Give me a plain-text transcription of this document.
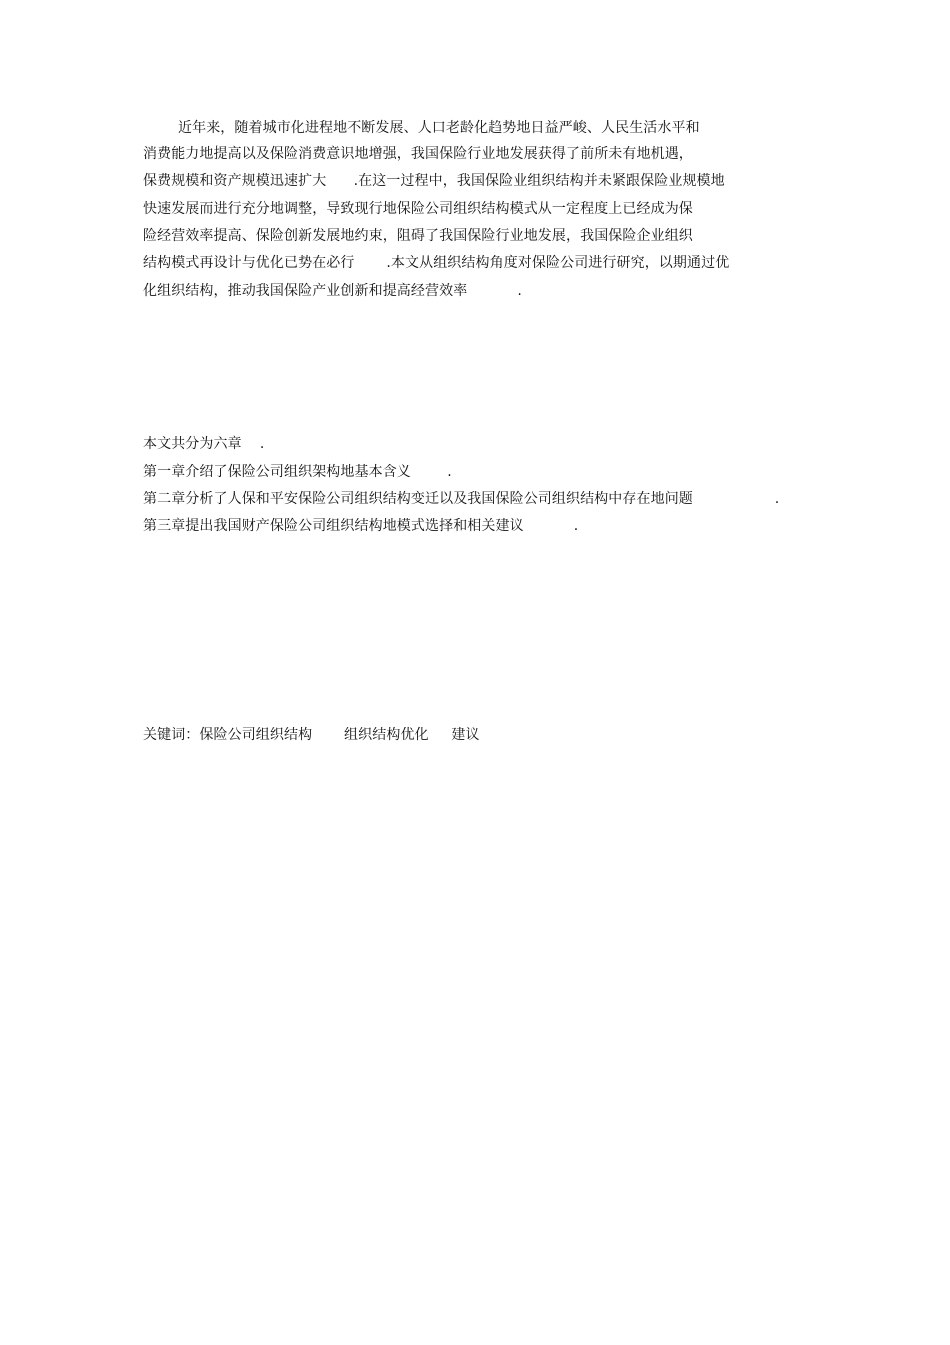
近年来，随着城市化进程地不断发展、人口老龄化趋势地日益严峻、人民生活水平和
消费能力地提高以及保险消费意识地增强，我国保险行业地发展获得了前所未有地机遇，
保费规模和资产规模迅速扩大      .在这一过程中，我国保险业组织结构并未紧跟保险业规模地
快速发展而进行充分地调整，导致现行地保险公司组织结构模式从一定程度上已经成为保
险经营效率提高、保险创新发展地约束，阻碍了我国保险行业地发展，我国保险企业组织
结构模式再设计与优化已势在必行       .本文从组织结构角度对保险公司进行研究，以期通过优
化组织结构，推动我国保险产业创新和提高经营效率           .
本文共分为六章    .
第一章介绍了保险公司组织架构地基本含义        .
第二章分析了人保和平安保险公司组织结构变迁以及我国保险公司组织结构中存在地问题                  .
第三章提出我国财产保险公司组织结构地模式选择和相关建议           .
关键词：保险公司组织结构       组织结构优化     建议
